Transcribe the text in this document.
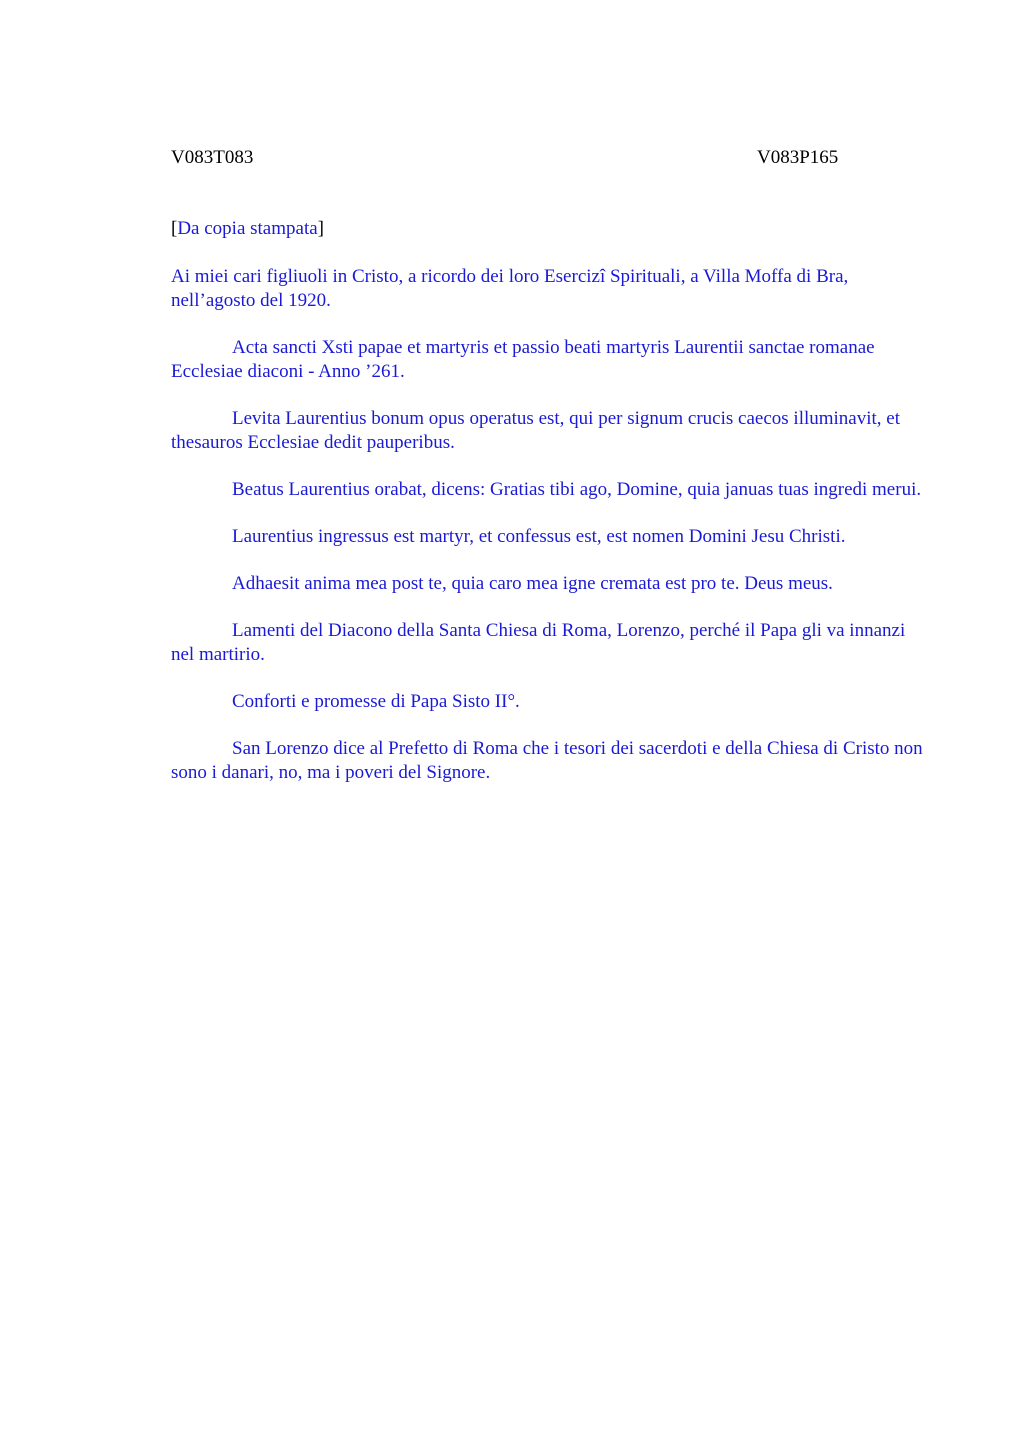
V083T083	V083P165

[Da copia stampata]

Ai miei cari figliuoli in Cristo, a ricordo dei loro Esercizî Spirituali, a Villa Moffa di Bra, nell’agosto del 1920.

Acta sancti Xsti papae et martyris et passio beati martyris Laurentii sanctae romanae Ecclesiae diaconi - Anno ’261.

Levita Laurentius bonum opus operatus est, qui per signum crucis caecos illuminavit, et thesauros Ecclesiae dedit pauperibus.

Beatus Laurentius orabat, dicens: Gratias tibi ago, Domine, quia januas tuas ingredi merui.

Laurentius ingressus est martyr, et confessus est, est nomen Domini Jesu Christi.

Adhaesit anima mea post te, quia caro mea igne cremata est pro te. Deus meus.

Lamenti del Diacono della Santa Chiesa di Roma, Lorenzo, perché il Papa gli va innanzi nel martirio.

Conforti e promesse di Papa Sisto II°.

San Lorenzo dice al Prefetto di Roma che i tesori dei sacerdoti e della Chiesa di Cristo non sono i danari, no, ma i poveri del Signore.
